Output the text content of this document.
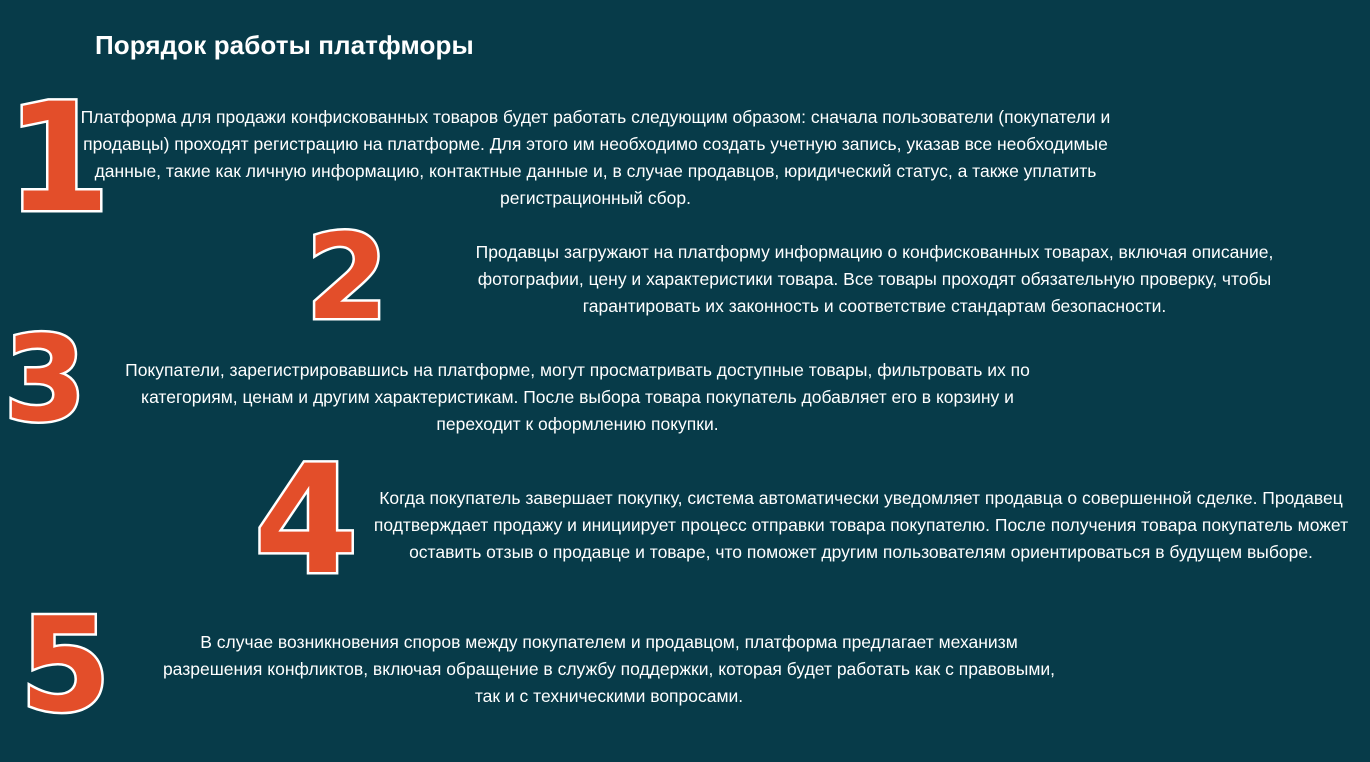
Порядок работы платфморы
1
Платформа для продажи конфискованных товаров будет работать следующим образом: сначала пользователи (покупатели и продавцы) проходят регистрацию на платформе. Для этого им необходимо создать учетную запись, указав все необходимые данные, такие как личную информацию, контактные данные и, в случае продавцов, юридический статус, а также уплатить регистрационный сбор.
2	Продавцы загружают на платформу информацию о конфискованных товарах, включая описание, фотографии, цену и характеристики товара. Все товары проходят обязательную проверку, чтобы гарантировать их законность и соответствие стандартам безопасности.
3	Покупатели, зарегистрировавшись на платформе, могут просматривать доступные товары, фильтровать их по категориям, ценам и другим характеристикам. После выбора товара покупатель добавляет его в корзину и переходит к оформлению покупки.
4	Когда покупатель завершает покупку, система автоматически уведомляет продавца о совершенной сделке. Продавец подтверждает продажу и инициирует процесс отправки товара покупателю. После получения товара покупатель может оставить отзыв о продавце и товаре, что поможет другим пользователям ориентироваться в будущем выборе.
5	В случае возникновения споров между покупателем и продавцом, платформа предлагает механизм разрешения конфликтов, включая обращение в службу поддержки, которая будет работать как с правовыми, так и с техническими вопросами.
